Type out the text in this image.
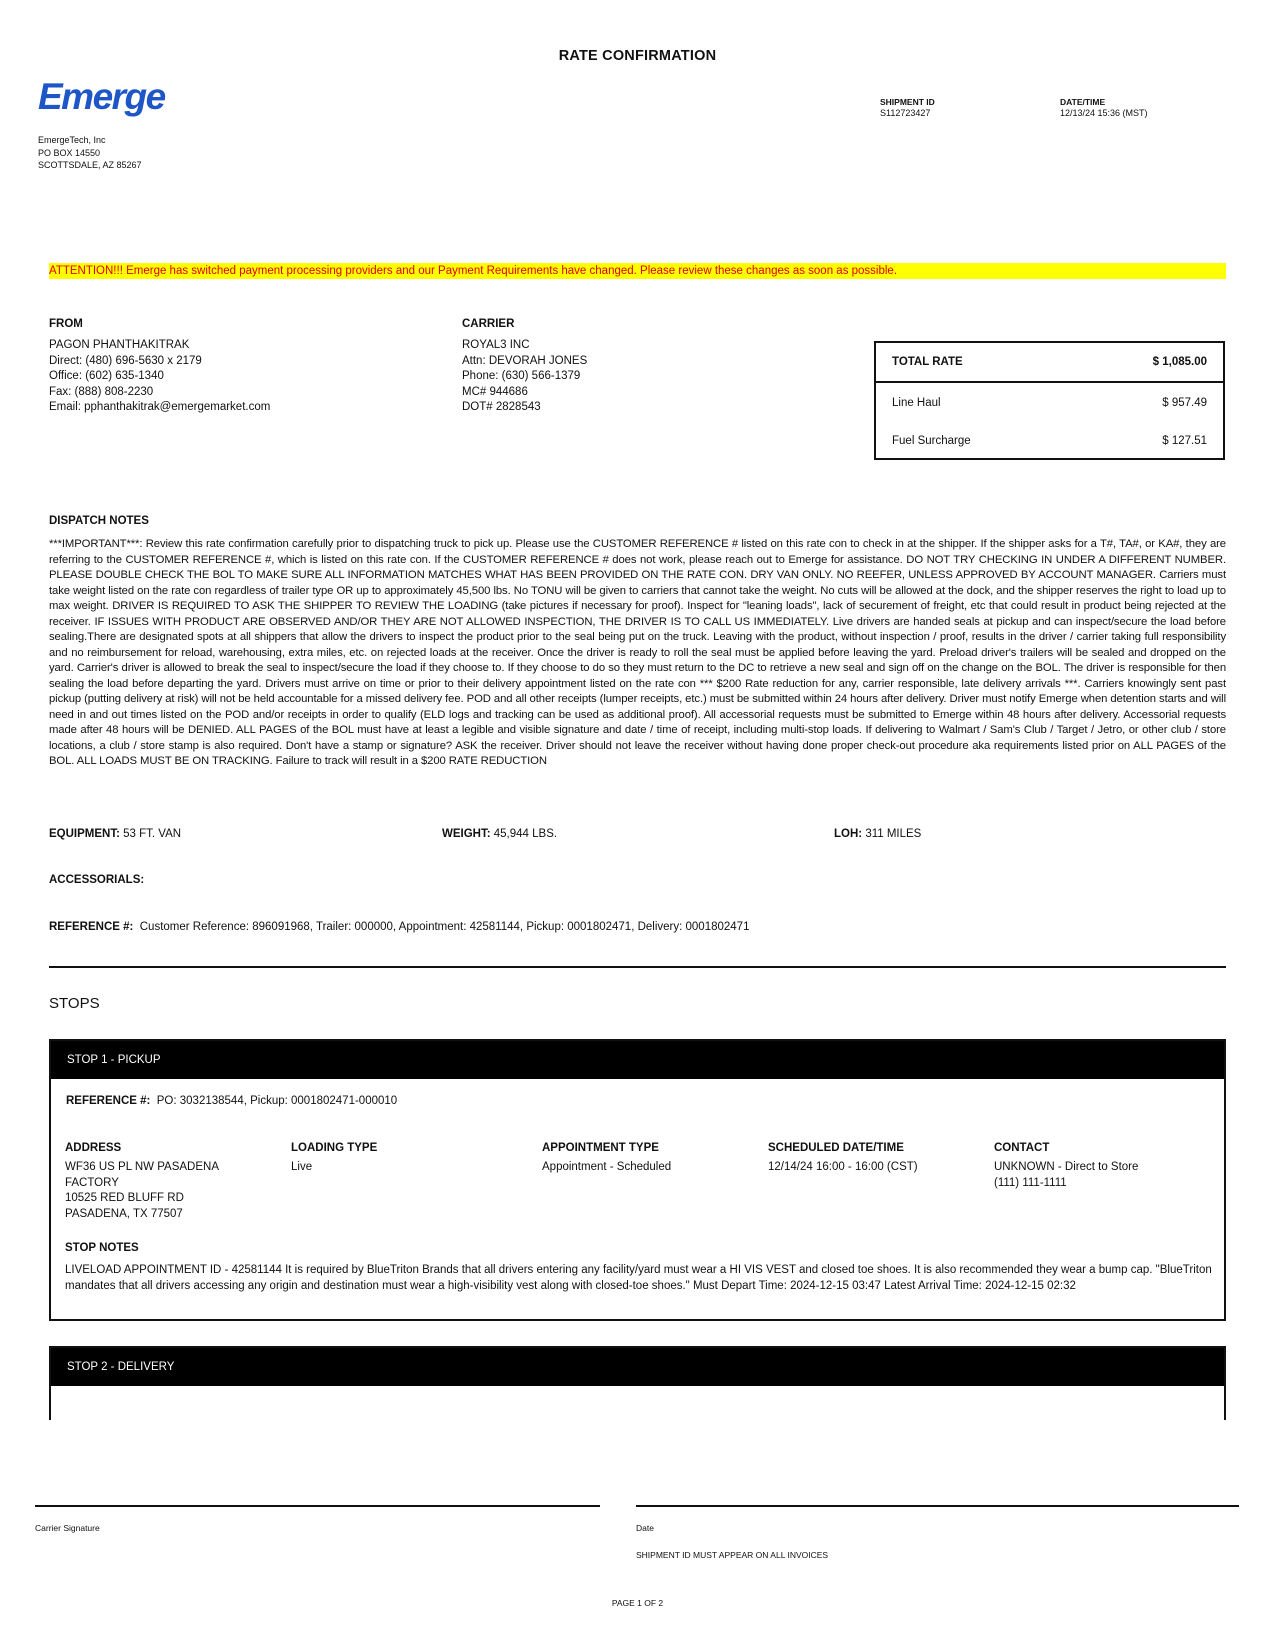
RATE CONFIRMATION
Emerge
EmergeTech, Inc
PO BOX 14550
SCOTTSDALE, AZ 85267
SHIPMENT ID
S112723427
DATE/TIME
12/13/24 15:36 (MST)
ATTENTION!!! Emerge has switched payment processing providers and our Payment Requirements have changed. Please review these changes as soon as possible.
FROM
PAGON PHANTHAKITRAK
Direct: (480) 696-5630 x 2179
Office: (602) 635-1340
Fax: (888) 808-2230
Email: pphanthakitrak@emergemarket.com
CARRIER
ROYAL3 INC
Attn: DEVORAH JONES
Phone: (630) 566-1379
MC# 944686
DOT# 2828543
TOTAL RATE	$ 1,085.00
Line Haul	$ 957.49
Fuel Surcharge	$ 127.51
DISPATCH NOTES
***IMPORTANT***: Review this rate confirmation carefully prior to dispatching truck to pick up. Please use the CUSTOMER REFERENCE # listed on this rate con to check in at the shipper. If the shipper asks for a T#, TA#, or KA#, they are referring to the CUSTOMER REFERENCE #, which is listed on this rate con. If the CUSTOMER REFERENCE # does not work, please reach out to Emerge for assistance. DO NOT TRY CHECKING IN UNDER A DIFFERENT NUMBER. PLEASE DOUBLE CHECK THE BOL TO MAKE SURE ALL INFORMATION MATCHES WHAT HAS BEEN PROVIDED ON THE RATE CON. DRY VAN ONLY. NO REEFER, UNLESS APPROVED BY ACCOUNT MANAGER. Carriers must take weight listed on the rate con regardless of trailer type OR up to approximately 45,500 lbs. No TONU will be given to carriers that cannot take the weight. No cuts will be allowed at the dock, and the shipper reserves the right to load up to max weight. DRIVER IS REQUIRED TO ASK THE SHIPPER TO REVIEW THE LOADING (take pictures if necessary for proof). Inspect for "leaning loads", lack of securement of freight, etc that could result in product being rejected at the receiver. IF ISSUES WITH PRODUCT ARE OBSERVED AND/OR THEY ARE NOT ALLOWED INSPECTION, THE DRIVER IS TO CALL US IMMEDIATELY. Live drivers are handed seals at pickup and can inspect/secure the load before sealing.There are designated spots at all shippers that allow the drivers to inspect the product prior to the seal being put on the truck. Leaving with the product, without inspection / proof, results in the driver / carrier taking full responsibility and no reimbursement for reload, warehousing, extra miles, etc. on rejected loads at the receiver. Once the driver is ready to roll the seal must be applied before leaving the yard. Preload driver's trailers will be sealed and dropped on the yard. Carrier's driver is allowed to break the seal to inspect/secure the load if they choose to. If they choose to do so they must return to the DC to retrieve a new seal and sign off on the change on the BOL. The driver is responsible for then sealing the load before departing the yard. Drivers must arrive on time or prior to their delivery appointment listed on the rate con *** $200 Rate reduction for any, carrier responsible, late delivery arrivals ***. Carriers knowingly sent past pickup (putting delivery at risk) will not be held accountable for a missed delivery fee. POD and all other receipts (lumper receipts, etc.) must be submitted within 24 hours after delivery. Driver must notify Emerge when detention starts and will need in and out times listed on the POD and/or receipts in order to qualify (ELD logs and tracking can be used as additional proof). All accessorial requests must be submitted to Emerge within 48 hours after delivery. Accessorial requests made after 48 hours will be DENIED. ALL PAGES of the BOL must have at least a legible and visible signature and date / time of receipt, including multi-stop loads. If delivering to Walmart / Sam's Club / Target / Jetro, or other club / store locations, a club / store stamp is also required. Don't have a stamp or signature? ASK the receiver. Driver should not leave the receiver without having done proper check-out procedure aka requirements listed prior on ALL PAGES of the BOL. ALL LOADS MUST BE ON TRACKING. Failure to track will result in a $200 RATE REDUCTION
EQUIPMENT: 53 FT. VAN	WEIGHT: 45,944 LBS.	LOH: 311 MILES
ACCESSORIALS:
REFERENCE #: Customer Reference: 896091968, Trailer: 000000, Appointment: 42581144, Pickup: 0001802471, Delivery: 0001802471
STOPS
STOP 1 - PICKUP
REFERENCE #: PO: 3032138544, Pickup: 0001802471-000010
ADDRESS
WF36 US PL NW PASADENA
FACTORY
10525 RED BLUFF RD
PASADENA, TX 77507
LOADING TYPE
Live
APPOINTMENT TYPE
Appointment - Scheduled
SCHEDULED DATE/TIME
12/14/24 16:00 - 16:00 (CST)
CONTACT
UNKNOWN - Direct to Store
(111) 111-1111
STOP NOTES
LIVELOAD APPOINTMENT ID - 42581144 It is required by BlueTriton Brands that all drivers entering any facility/yard must wear a HI VIS VEST and closed toe shoes. It is also recommended they wear a bump cap. "BlueTriton mandates that all drivers accessing any origin and destination must wear a high-visibility vest along with closed-toe shoes." Must Depart Time: 2024-12-15 03:47 Latest Arrival Time: 2024-12-15 02:32
STOP 2 - DELIVERY
Carrier Signature	Date
SHIPMENT ID MUST APPEAR ON ALL INVOICES
PAGE 1 OF 2
